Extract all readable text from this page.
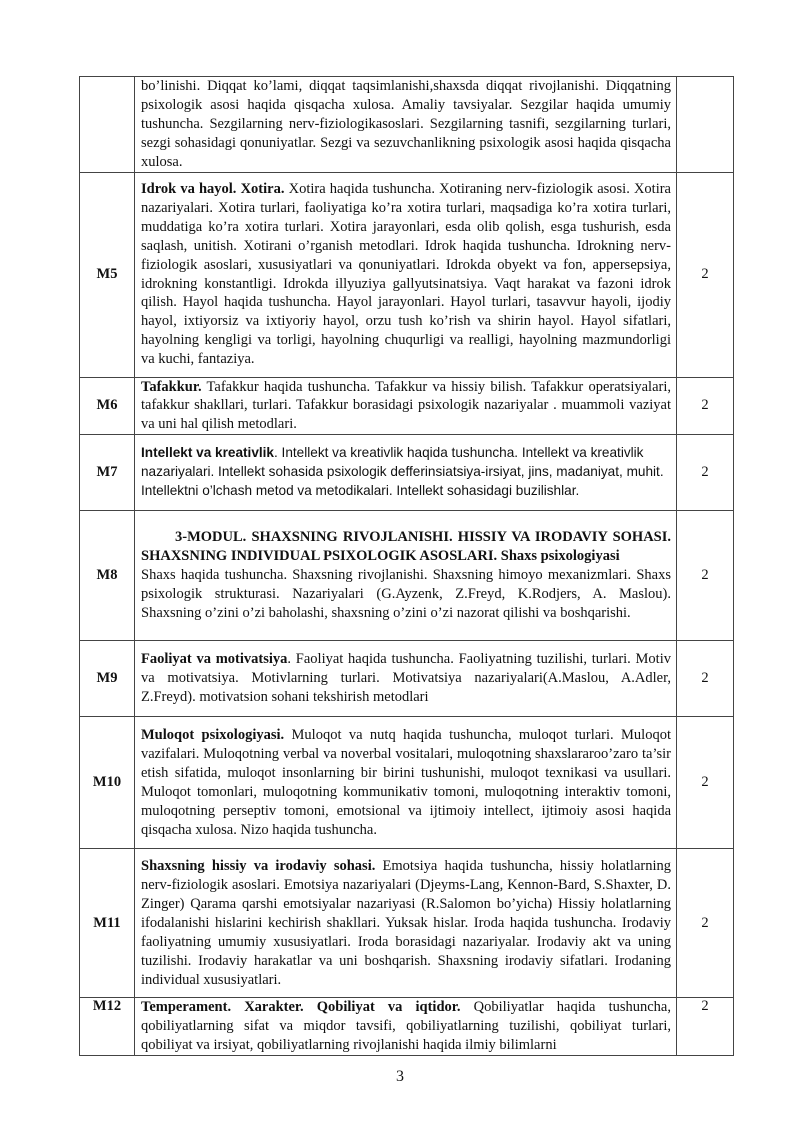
	bo’linishi. Diqqat ko’lami, diqqat taqsimlanishi,shaxsda diqqat rivojlanishi. Diqqatning psixologik asosi haqida qisqacha xulosa. Amaliy tavsiyalar. Sezgilar haqida umumiy tushuncha. Sezgilarning nerv-fiziologikasoslari. Sezgilarning tasnifi, sezgilarning turlari, sezgi sohasidagi qonuniyatlar. Sezgi va sezuvchanlikning psixologik asosi haqida qisqacha xulosa.	
M5	Idrok va hayol. Xotira. Xotira haqida tushuncha. Xotiraning nerv-fiziologik asosi. Xotira nazariyalari. Xotira turlari, faoliyatiga ko’ra xotira turlari, maqsadiga ko’ra xotira turlari, muddatiga ko’ra xotira turlari. Xotira jarayonlari, esda olib qolish, esga tushurish, esda saqlash, unitish. Xotirani o’rganish metodlari. Idrok haqida tushuncha. Idrokning nerv-fiziologik asoslari, xususiyatlari va qonuniyatlari. Idrokda obyekt va fon, appersepsiya, idrokning konstantligi. Idrokda illyuziya gallyutsinatsiya. Vaqt harakat va fazoni idrok qilish. Hayol haqida tushuncha. Hayol jarayonlari. Hayol turlari, tasavvur hayoli, ijodiy hayol, ixtiyorsiz va ixtiyoriy hayol, orzu tush ko’rish va shirin hayol. Hayol sifatlari, hayolning kengligi va torligi, hayolning chuqurligi va realligi, hayolning mazmundorligi va kuchi, fantaziya.	2
M6	Tafakkur. Tafakkur haqida tushuncha. Tafakkur va hissiy bilish. Tafakkur operatsiyalari, tafakkur shakllari, turlari. Tafakkur borasidagi psixologik nazariyalar . muammoli vaziyat va uni hal qilish metodlari.	2
M7	Intellekt va kreativlik. Intellekt va kreativlik haqida tushuncha. Intellekt va kreativlik nazariyalari. Intellekt sohasida psixologik defferinsiatsiya-irsiyat, jins, madaniyat, muhit. Intellektni o’lchash metod va metodikalari. Intellekt sohasidagi buzilishlar.	2
M8	3-MODUL. SHAXSNING RIVOJLANISHI. HISSIY VA IRODAVIY SOHASI. SHAXSNING INDIVIDUAL PSIXOLOGIK ASOSLARI. Shaxs psixologiyasi
Shaxs haqida tushuncha. Shaxsning rivojlanishi. Shaxsning himoyo mexanizmlari. Shaxs psixologik strukturasi. Nazariyalari (G.Ayzenk, Z.Freyd, K.Rodjers, A. Maslou). Shaxsning o’zini o’zi baholashi, shaxsning o’zini o’zi nazorat qilishi va boshqarishi.	2
M9	Faoliyat va motivatsiya. Faoliyat haqida tushuncha. Faoliyatning tuzilishi, turlari. Motiv va motivatsiya. Motivlarning turlari. Motivatsiya nazariyalari(A.Maslou, A.Adler, Z.Freyd). motivatsion sohani tekshirish metodlari	2
M10	Muloqot psixologiyasi. Muloqot va nutq haqida tushuncha, muloqot turlari. Muloqot vazifalari. Muloqotning verbal va noverbal vositalari, muloqotning shaxslararoo’zaro ta’sir etish sifatida, muloqot insonlarning bir birini tushunishi, muloqot texnikasi va usullari. Muloqot tomonlari, muloqotning kommunikativ tomoni, muloqotning interaktiv tomoni, muloqotning perseptiv tomoni, emotsional va ijtimoiy intellect, ijtimoiy asosi haqida qisqacha xulosa. Nizo haqida tushuncha.	2
M11	Shaxsning hissiy va irodaviy sohasi. Emotsiya haqida tushuncha, hissiy holatlarning nerv-fiziologik asoslari. Emotsiya nazariyalari (Djeyms-Lang, Kennon-Bard, S.Shaxter, D. Zinger) Qarama qarshi emotsiyalar nazariyasi (R.Salomon bo’yicha) Hissiy holatlarning ifodalanishi hislarini kechirish shakllari. Yuksak hislar. Iroda haqida tushuncha. Irodaviy faoliyatning umumiy xususiyatlari. Iroda borasidagi nazariyalar. Irodaviy akt va uning tuzilishi. Irodaviy harakatlar va uni boshqarish. Shaxsning irodaviy sifatlari. Irodaning individual xususiyatlari.	2
M12	Temperament. Xarakter. Qobiliyat va iqtidor. Qobiliyatlar haqida tushuncha, qobiliyatlarning sifat va miqdor tavsifi, qobiliyatlarning tuzilishi, qobiliyat turlari, qobiliyat va irsiyat, qobiliyatlarning rivojlanishi haqida ilmiy bilimlarni	2
3
